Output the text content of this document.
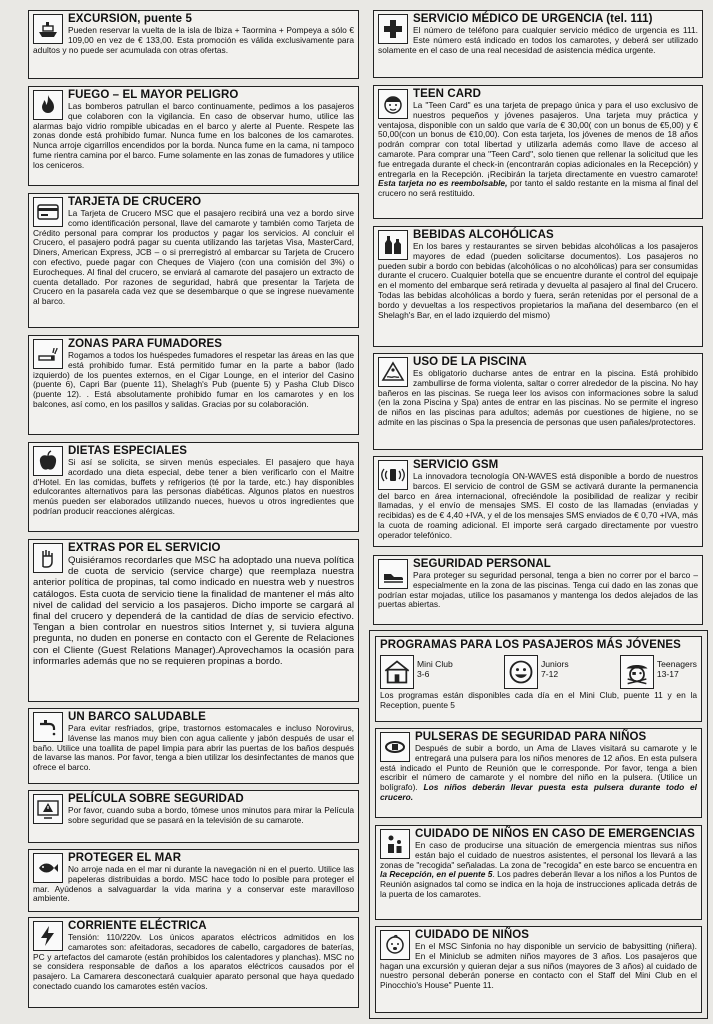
EXCURSION, puente 5

Pueden reservar la vuelta de la isla de Ibiza + Taormina + Pompeya a sólo € 109,00 en vez de € 133,00. Esta promoción es válida exclusivamente para adultos y no puede ser acumulada con otras ofertas.

FUEGO – EL MAYOR PELIGRO

Las bomberos patrullan el barco continuamente, pedimos a los pasajeros que colaboren con la vigilancia. En caso de observar humo, utilice las alarmas bajo vidrio rompible ubicadas en el barco y alerte al Puente. Respete las zonas donde está prohibido fumar. Nunca fume en los balcones de los camarotes. Nunca arroje cigarrillos encendidos por la borda. Nunca fume en la cama, ni tampoco fume rientra camina por el barco. Fume solamente en las zonas de fumadores y utilice los ceniceros.

TARJETA DE CRUCERO

La Tarjeta de Crucero MSC que el pasajero recibirá una vez a bordo sirve como identificación personal, llave del camarote y también como Tarjeta de Crédito personal para comprar los productos y pagar los servicios. Al concluir el Crucero, el pasajero podrá pagar su cuenta utilizando las tarjetas Visa, MasterCard, Diners, American Express, JCB – o si prerregistró al embarcar su Tarjeta de Crucero con efectivo, puede pagar con Cheques de Viajero (con una comisión del 3%) o Eurocheques. Al final del crucero, se enviará al camarote del pasajero un extracto de cuenta detallado. Por razones de seguridad, habrá que presentar la Tarjeta de Crucero en la pasarela cada vez que se desembarque o que se ingrese nuevamente al barco.

ZONAS PARA FUMADORES

Rogamos a todos los huéspedes fumadores el respetar las áreas en las que está prohibido fumar. Está permitido fumar en la parte a babor (lado izquierdo) de los puentes externos, en el Cigar Lounge, en el interior del Casino (puente 6), Capri Bar (puente 11), Shelagh's Pub (puente 5) y Pasha Club Disco (puente 12). . Está absolutamente prohibido fumar en los camarotes y en los balcones, así como, en los pasillos y salidas. Gracias por su colaboración.

DIETAS ESPECIALES

Si así se solicita, se sirven menús especiales. El pasajero que haya acordado una dieta especial, debe tener a bien verificarlo con el Maitre d'Hotel. En las comidas, buffets y refrigerios (té por la tarde, etc.) hay disponibles edulcorantes alternativos para las personas diabéticas. Algunos platos en nuestros menús pueden ser elaborados utilizando nueces, huevos u otros ingredientes que podrían producir reacciones alérgicas.

EXTRAS POR EL SERVICIO

Quisiéramos recordarles que MSC ha adoptado una nueva política de cuota de servicio (service charge) que reemplaza nuestra anterior política de propinas, tal como indicado en nuestra web y nuestros catálogos. Esta cuota de servicio tiene la finalidad de mantener el más alto nivel de calidad del servicio a los pasajeros. Dicho importe se cargará al final del crucero y dependerá de la cantidad de días de servicio efectivo. Tengan a bien controlar en nuestros sitios Internet y, si tuviera alguna pregunta, no duden en ponerse en contacto con el Gerente de Relaciones con el Cliente (Guest Relations Manager).Aprovechamos la ocasión para informarles además que no se requieren propinas a bordo.

UN BARCO SALUDABLE

Para evitar resfriados, gripe, trastornos estomacales e incluso Norovirus, lávense las manos muy bien con agua caliente y jabón después de usar el baño. Utilice una toallita de papel limpia para abrir las puertas de los baños después de lavarse las manos. Por favor, tenga a bien utilizar los desinfectantes de manos que ofrece el barco.

PELÍCULA SOBRE SEGURIDAD

Por favor, cuando suba a bordo, tómese unos minutos para mirar la Película sobre seguridad que se pasará en la televisión de su camarote.

PROTEGER EL MAR

No arroje nada en el mar ni durante la navegación ni en el puerto. Utilice las papeleras distribuidas a bordo. MSC hace todo lo posible para proteger el mar. Ayúdenos a salvaguardar la vida marina y a conservar este maravilloso ambiente.

CORRIENTE ELÉCTRICA

Tensión: 110/220v. Los únicos aparatos eléctricos admitidos en los camarotes son: afeitadoras, secadores de cabello, cargadores de baterías, PC y artefactos del camarote (están prohibidos los calentadores y planchas). MSC no se considera responsable de daños a los aparatos eléctricos causados por el pasajero. La Camarera desconectará cualquier aparato personal que haya quedado conectado cuando los camarotes estén vacíos.

SERVICIO MÉDICO DE URGENCIA (tel. 111)

El número de teléfono para cualquier servicio médico de urgencia es 111. Este número está indicado en todos los camarotes, y deberá ser utilizado solamente en el caso de una real necesidad de asistencia médica urgente.

TEEN CARD

La "Teen Card" es una tarjeta de prepago única y para el uso exclusivo de nuestros pequeños y jóvenes pasajeros. Una tarjeta muy práctica y ventajosa, disponible con un saldo que varía de € 30,00( con un bonus de €5,00) y € 50,00(con un bonus de €10,00). Con esta tarjeta, los jóvenes de menos de 18 años podrán comprar con total libertad y utilizarla además como llave de acceso al camarote. Para comprar una "Teen Card", solo tienen que rellenar la solicitud que les fue entregada durante el check-in (encontrarán copias adicionales en la Recepción) y entregarla en la Recepción. ¡Recibirán la tarjeta directamente en vuestro camarote! Esta tarjeta no es reembolsable, por tanto el saldo restante en la misma al final del crucero no será restituido.

BEBIDAS ALCOHÓLICAS

En los bares y restaurantes se sirven bebidas alcohólicas a los pasajeros mayores de edad (pueden solicitarse documentos). Los pasajeros no pueden subir a bordo con bebidas (alcohólicas o no alcohólicas) para ser consumidas durante el crucero. Cualquier botella que se encuentre durante el control del equipaje en el momento del embarque será retirada y devuelta al pasajero al final del Crucero. Todas las bebidas alcohólicas a bordo y fuera, serán retenidas por el personal de a bordo y devueltas a los respectivos propietarios la mañana del desembarco (en el Shelagh's Bar, en el lado izquierdo del mismo)

USO DE LA PISCINA

Es obligatorio ducharse antes de entrar en la piscina. Está prohibido zambullirse de forma violenta, saltar o correr alrededor de la piscina. No hay bañeros en las piscinas. Se ruega leer los avisos con informaciones sobre la salud (en la zona Piscina y Spa) antes de entrar en las piscinas. No se permite el ingreso de niños en las piscinas para adultos; además por cuestiones de higiene, no se admite en las piscinas o Spa la presencia de personas que usen pañales/protectores.

SERVICIO GSM

La innovadora tecnología ON-WAVES está disponible a bordo de nuestros barcos. El servicio de control de GSM se activará durante la permanencia del barco en área internacional, ofreciéndole la posibilidad de realizar y recibir llamadas, y el envío de mensajes SMS. El costo de las llamadas (enviadas y recibidas) es de € 4,40 +IVA, y el de los mensajes SMS enviados de € 0,70 +IVA, más la cuota de roaming adicional. El importe será cargado directamente por vuestro operador telefónico.

SEGURIDAD PERSONAL

Para proteger su seguridad personal, tenga a bien no correr por el barco – especialmente en la zona de las piscinas. Tenga cui dado en las zonas que podrían estar mojadas, utilice los pasamanos y mantenga los dedos alejados de las puertas abiertas.

PROGRAMAS PARA LOS PASAJEROS MÁS JÓVENES
Mini Club
3-6
Juniors
7-12
Teenagers
13-17

Los programas están disponibles cada día en el Mini Club, puente 11 y en la Reception, puente 5

PULSERAS DE SEGURIDAD PARA NIÑOS

Después de subir a bordo, un Ama de Llaves visitará su camarote y le entregará una pulsera para los niños menores de 12 años. En esta pulsera está indicado el Punto de Reunión que le corresponde. Por favor, tenga a bien escribir el número de camarote y el nombre del niño en la pulsera. (Utilice un bolígrafo). Los niños deberán llevar puesta esta pulsera durante todo el crucero.

CUIDADO DE NIÑOS EN CASO DE EMERGENCIAS

En caso de producirse una situación de emergencia mientras sus niños están bajo el cuidado de nuestros asistentes, el personal los llevará a las zonas de "recogida" señaladas. La zona de "recogida" en este barco se encuentra en la Recepción, en el puente 5. Los padres deberán llevar a los niños a los Puntos de Reunión asignados tal como se indica en la hoja de instrucciones aplicada detrás de la puerta de los camarotes.

CUIDADO DE NIÑOS

En el MSC Sinfonia no hay disponible un servicio de babysitting (niñera). En el Miniclub se admiten niños mayores de 3 años. Los pasajeros que hagan una excursión y quieran dejar a sus niños (mayores de 3 años) al cuidado de nuestro personal deberán ponerse en contacto con el Staff del Mini Club en el Pinocchio's House" Puente 11.
